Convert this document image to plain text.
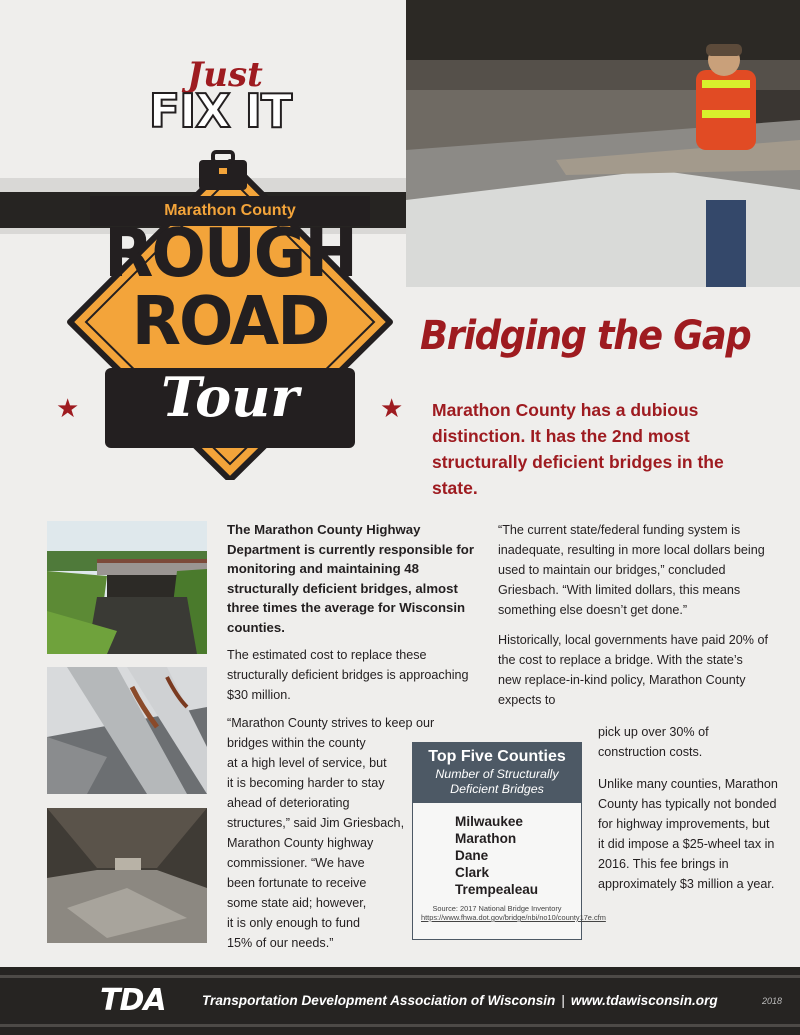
Just
FIX IT
Marathon County
ROUGH
ROAD
Tour
★	★
Bridging the Gap
Marathon County has a dubious distinction. It has the 2nd most structurally deficient bridges in the state.

The Marathon County Highway Department is currently responsible for monitoring and maintaining 48 structurally deficient bridges, almost three times the average for Wisconsin counties.

The estimated cost to replace these structurally deficient bridges is approaching $30 million.

“Marathon County strives to keep our
bridges within the county
at a high level of service, but
it is becoming harder to stay
ahead of deteriorating
structures,” said Jim Griesbach,
Marathon County highway
commissioner. “We have
been fortunate to receive
some state aid; however,
it is only enough to fund
15% of our needs.”

“The current state/federal funding system is inadequate, resulting in more local dollars being used to maintain our bridges,” concluded Griesbach. “With limited dollars, this means something else doesn’t get done.”

Historically, local governments have paid 20% of the cost to replace a bridge. With the state’s new replace-in-kind policy, Marathon County expects to

pick up over 30% of construction costs.

Unlike many counties, Marathon County has typically not bonded for highway improvements, but it did impose a $25-wheel tax in 2016. This fee brings in approximately $3 million a year.

Top Five Counties
Number of Structurally Deficient Bridges
Milwaukee
Marathon
Dane
Clark
Trempealeau
Source: 2017 National Bridge Inventory
https://www.fhwa.dot.gov/bridge/nbi/no10/county17e.cfm
TDA	Transportation Development Association of Wisconsin | www.tdawisconsin.org	2018
